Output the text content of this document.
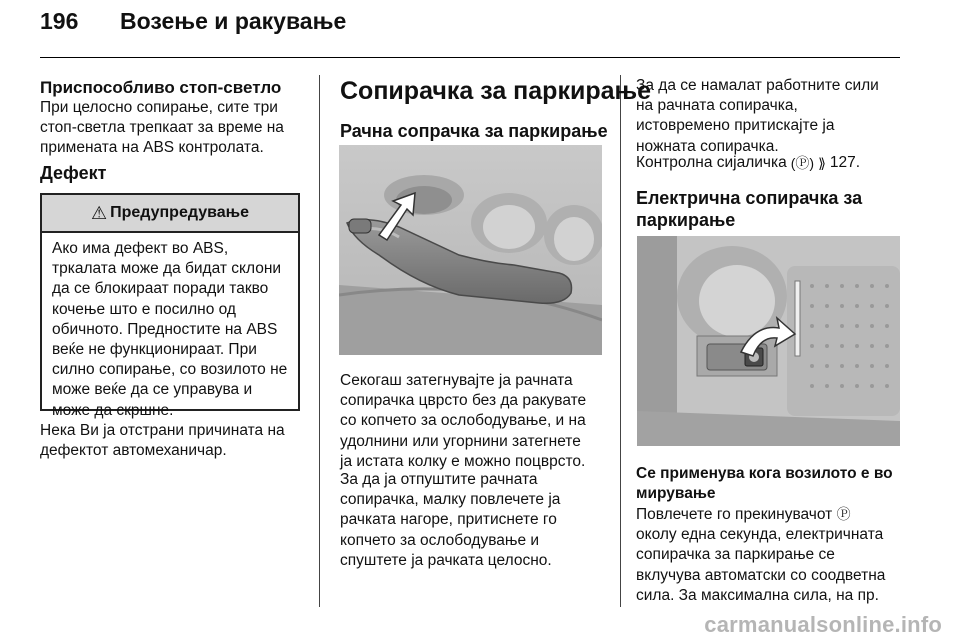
196 Возење и ракување
Приспособливо стоп-светло

При целосно сопирање, сите три

стоп-светла трепкаат за време на

примената на ABS контролата.

Дефект
⚠ Предупредување

Ако има дефект во ABS,

тркалата може да бидат склони

да се блокираат поради такво

кочење што е посилно од

обичното. Предностите на ABS

веќе не функционираат. При

силно сопирање, со возилото не

може веќе да се управува и

може да скршне.

Нека Ви ја отстрани причината на

дефектот автомеханичар.

Сопирачка за паркирање
Рачна сопрачка за паркирање

Секогаш затегнувајте ја рачната

сопирачка цврсто без да ракувате

со копчето за ослободување, и на

удолнини или угорнини затегнете

ја истата колку е можно поцврсто.

За да ја отпуштите рачната

сопирачка, малку повлечете ја

рачката нагоре, притиснете го

копчето за ослободување и

спуштете ја рачката целосно.

За да се намалат работните сили

на рачната сопирачка,

истовремено притискајте ја

ножната сопирачка.

Контролна сијаличка (Ⓟ) ⟫ 127.
Електрична сопирачка за
паркирање
Се применува кога возилото е во
мирување

Повлечете го прекинувачот Ⓟ

околу една секунда, електричната

сопирачка за паркирање се

вклучува автоматски со соодветна

сила. За максимална сила, на пр.

carmanualsonline.info
